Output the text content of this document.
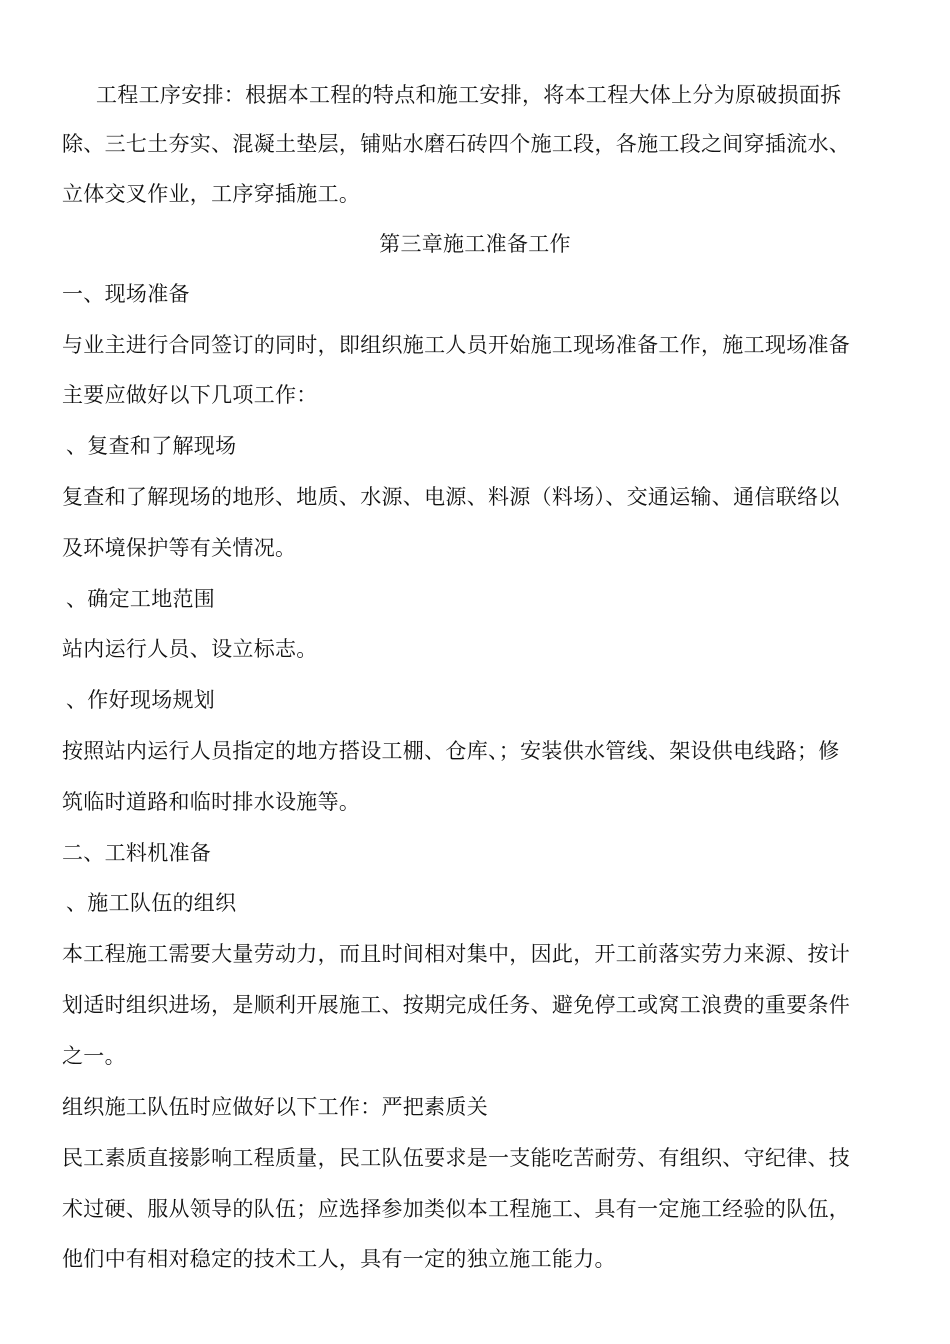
工程工序安排：根据本工程的特点和施工安排，将本工程大体上分为原破损面拆
除、三七土夯实、混凝土垫层，铺贴水磨石砖四个施工段，各施工段之间穿插流水、
立体交叉作业，工序穿插施工。
第三章施工准备工作
一、现场准备
与业主进行合同签订的同时，即组织施工人员开始施工现场准备工作，施工现场准备
主要应做好以下几项工作：
、复查和了解现场
复查和了解现场的地形、地质、水源、电源、料源（料场）、交通运输、通信联络以
及环境保护等有关情况。
、确定工地范围
站内运行人员、设立标志。
、作好现场规划
按照站内运行人员指定的地方搭设工棚、仓库、；安装供水管线、架设供电线路；修
筑临时道路和临时排水设施等。
二、工料机准备
、施工队伍的组织
本工程施工需要大量劳动力，而且时间相对集中，因此，开工前落实劳力来源、按计
划适时组织进场，是顺利开展施工、按期完成任务、避免停工或窝工浪费的重要条件
之一。
组织施工队伍时应做好以下工作：严把素质关
民工素质直接影响工程质量，民工队伍要求是一支能吃苦耐劳、有组织、守纪律、技
术过硬、服从领导的队伍；应选择参加类似本工程施工、具有一定施工经验的队伍，
他们中有相对稳定的技术工人，具有一定的独立施工能力。
